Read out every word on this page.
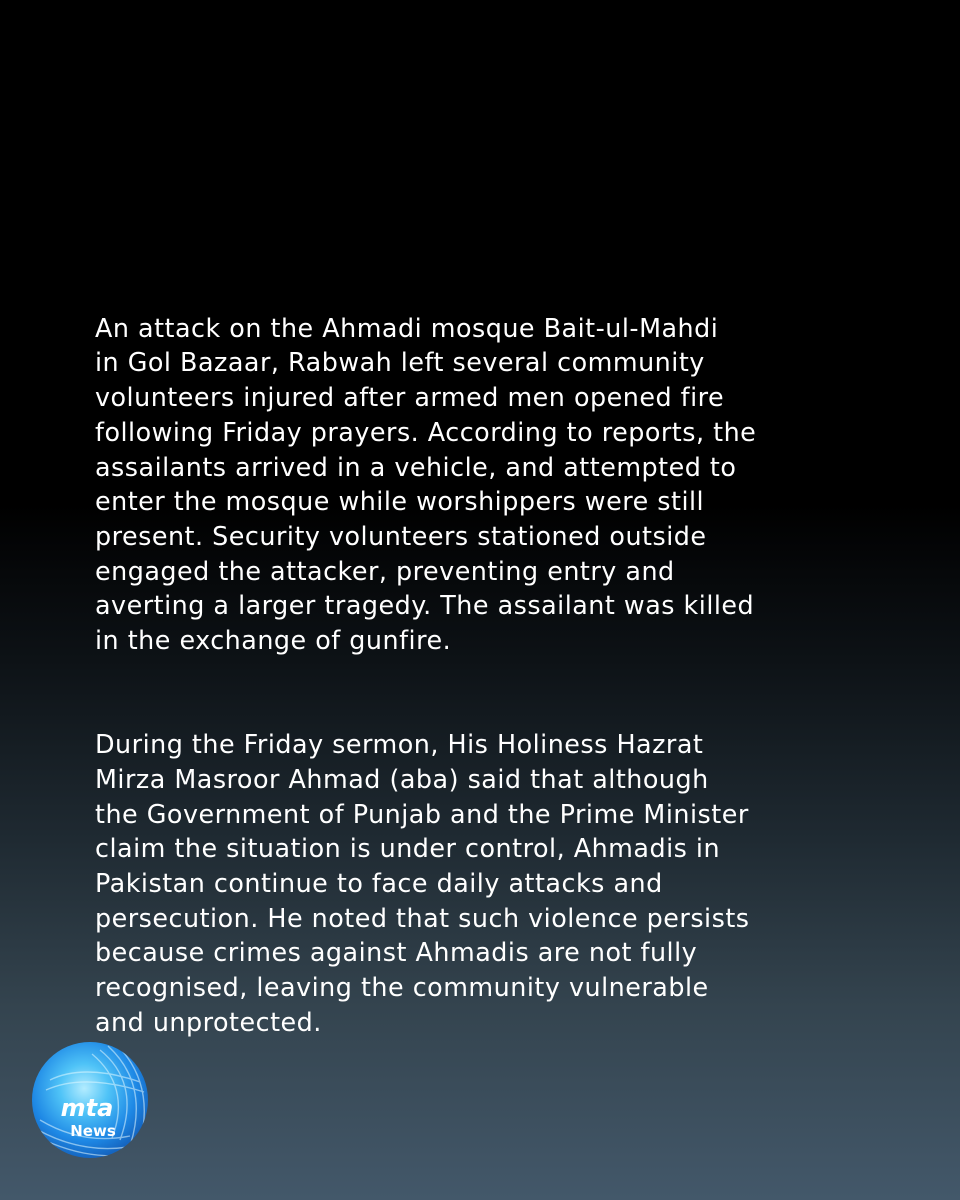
An attack on the Ahmadi mosque Bait-ul-Mahdi
in Gol Bazaar, Rabwah left several community
volunteers injured after armed men opened fire
following Friday prayers. According to reports, the
assailants arrived in a vehicle, and attempted to
enter the mosque while worshippers were still
present. Security volunteers stationed outside
engaged the attacker, preventing entry and
averting a larger tragedy. The assailant was killed
in the exchange of gunfire.

During the Friday sermon, His Holiness Hazrat
Mirza Masroor Ahmad (aba) said that although
the Government of Punjab and the Prime Minister
claim the situation is under control, Ahmadis in
Pakistan continue to face daily attacks and
persecution. He noted that such violence persists
because crimes against Ahmadis are not fully
recognised, leaving the community vulnerable
and unprotected.

mta
News
